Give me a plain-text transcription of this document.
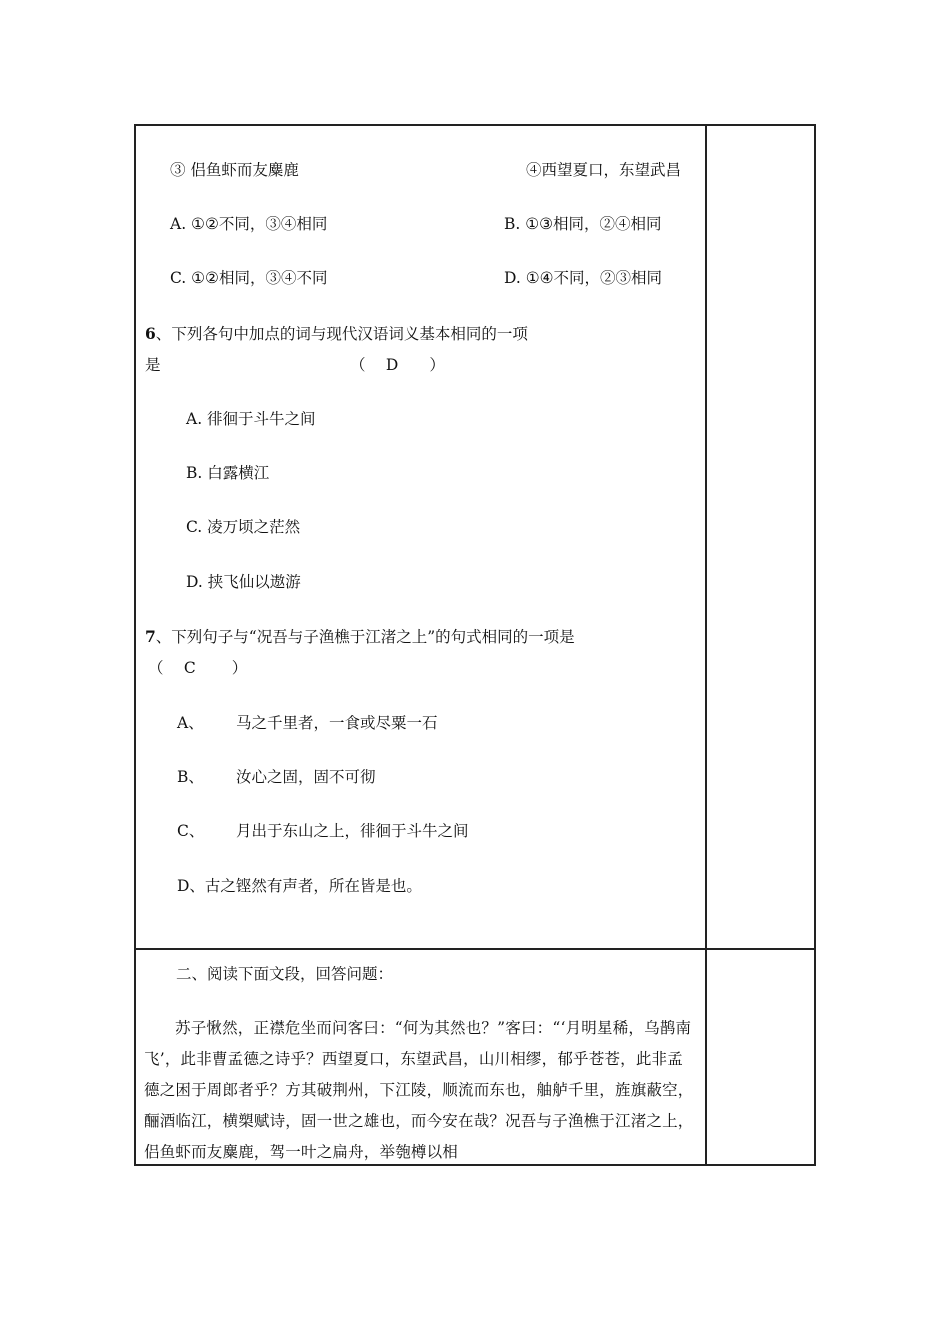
③ 侣鱼虾而友麋鹿	④西望夏口，东望武昌
A. ①②不同，③④相同	B. ①③相同，②④相同
C. ①②相同，③④不同	D. ①④不同，②③相同
6、下列各句中加点的词与现代汉语词义基本相同的一项
是	（　 D　　）
A. 徘徊于斗牛之间
B. 白露横江
C. 凌万顷之茫然
D. 挟飞仙以遨游
7、下列句子与“况吾与子渔樵于江渚之上”的句式相同的一项是
（　 C　　 ）
A、 马之千里者，一食或尽粟一石
B、 汝心之固，固不可彻
C、 月出于东山之上，徘徊于斗牛之间
D、古之铿然有声者，所在皆是也。
二、阅读下面文段，回答问题：
苏子愀然，正襟危坐而问客曰：“何为其然也？”客曰：“‘月明星稀，乌鹊南飞’，此非曹孟德之诗乎？西望夏口，东望武昌，山川相缪，郁乎苍苍，此非孟德之困于周郎者乎？方其破荆州，下江陵，顺流而东也，舳舻千里，旌旗蔽空，酾酒临江，横槊赋诗，固一世之雄也，而今安在哉？况吾与子渔樵于江渚之上，侣鱼虾而友麋鹿，驾一叶之扁舟，举匏樽以相
